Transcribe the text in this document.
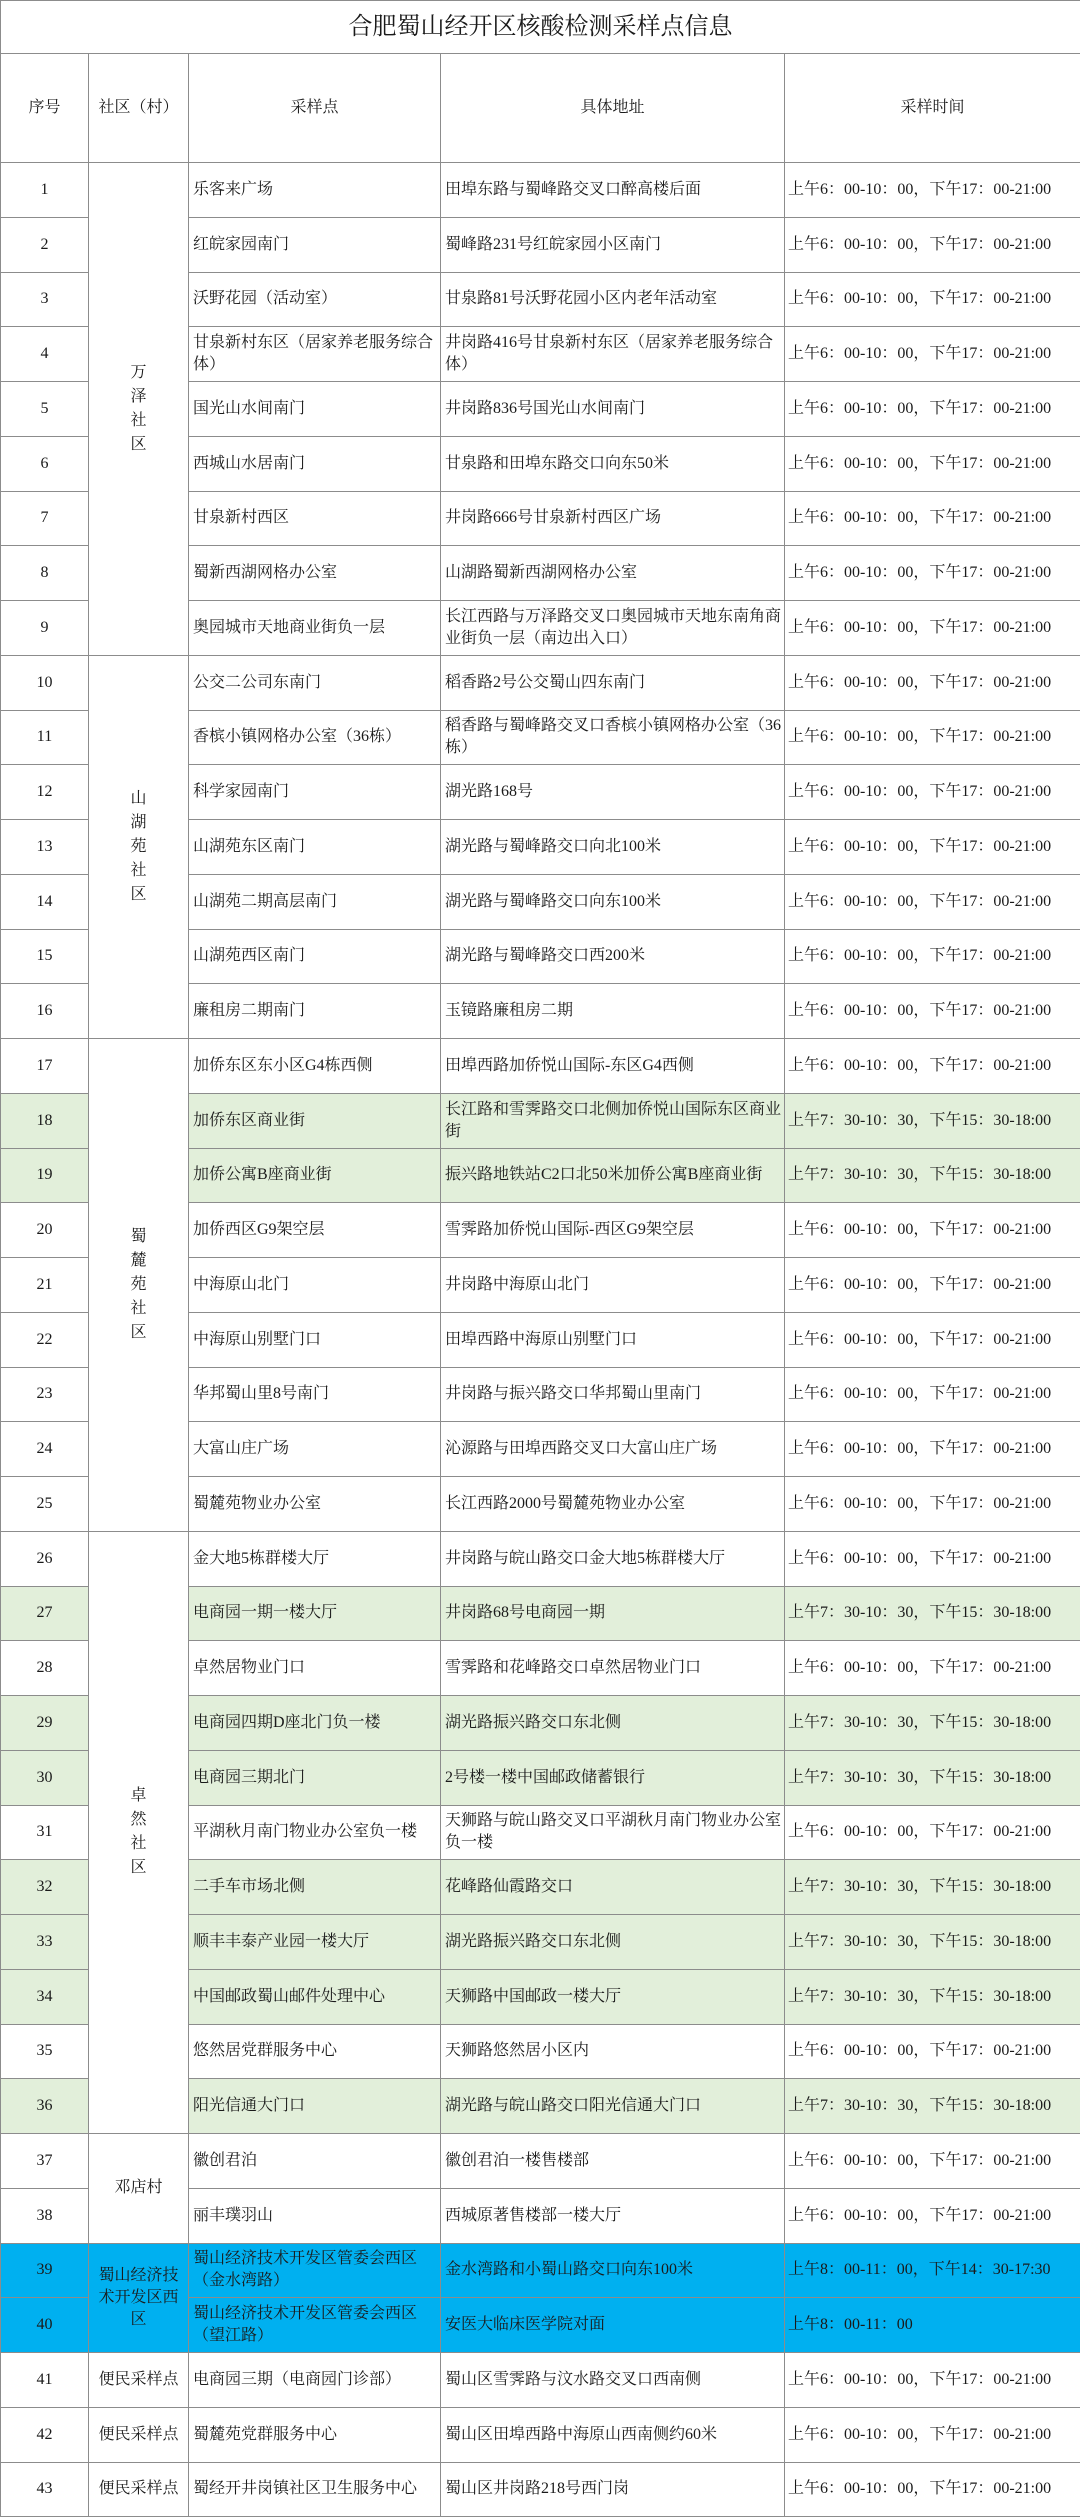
合肥蜀山经开区核酸检测采样点信息				
序号	社区（村）	采样点	具体地址	采样时间
1	万泽社区	乐客来广场	田埠东路与蜀峰路交叉口醉高楼后面	上午6：00-10：00，下午17：00-21:00
2		红皖家园南门	蜀峰路231号红皖家园小区南门	上午6：00-10：00，下午17：00-21:00
3		沃野花园（活动室）	甘泉路81号沃野花园小区内老年活动室	上午6：00-10：00，下午17：00-21:00
4		甘泉新村东区（居家养老服务综合体）	井岗路416号甘泉新村东区（居家养老服务综合体）	上午6：00-10：00，下午17：00-21:00
5		国光山水间南门	井岗路836号国光山水间南门	上午6：00-10：00，下午17：00-21:00
6		西城山水居南门	甘泉路和田埠东路交口向东50米	上午6：00-10：00，下午17：00-21:00
7		甘泉新村西区	井岗路666号甘泉新村西区广场	上午6：00-10：00，下午17：00-21:00
8		蜀新西湖网格办公室	山湖路蜀新西湖网格办公室	上午6：00-10：00，下午17：00-21:00
9		奥园城市天地商业街负一层	长江西路与万泽路交叉口奥园城市天地东南角商业街负一层（南边出入口）	上午6：00-10：00，下午17：00-21:00
10	山湖苑社区	公交二公司东南门	稻香路2号公交蜀山四东南门	上午6：00-10：00，下午17：00-21:00
11		香槟小镇网格办公室（36栋）	稻香路与蜀峰路交叉口香槟小镇网格办公室（36栋）	上午6：00-10：00，下午17：00-21:00
12		科学家园南门	湖光路168号	上午6：00-10：00，下午17：00-21:00
13		山湖苑东区南门	湖光路与蜀峰路交口向北100米	上午6：00-10：00，下午17：00-21:00
14		山湖苑二期高层南门	湖光路与蜀峰路交口向东100米	上午6：00-10：00，下午17：00-21:00
15		山湖苑西区南门	湖光路与蜀峰路交口西200米	上午6：00-10：00，下午17：00-21:00
16		廉租房二期南门	玉镜路廉租房二期	上午6：00-10：00，下午17：00-21:00
17	蜀麓苑社区	加侨东区东小区G4栋西侧	田埠西路加侨悦山国际-东区G4西侧	上午6：00-10：00，下午17：00-21:00
18		加侨东区商业街	长江路和雪霁路交口北侧加侨悦山国际东区商业街	上午7：30-10：30，下午15：30-18:00
19		加侨公寓B座商业街	振兴路地铁站C2口北50米加侨公寓B座商业街	上午7：30-10：30，下午15：30-18:00
20		加侨西区G9架空层	雪霁路加侨悦山国际-西区G9架空层	上午6：00-10：00，下午17：00-21:00
21		中海原山北门	井岗路中海原山北门	上午6：00-10：00，下午17：00-21:00
22		中海原山别墅门口	田埠西路中海原山别墅门口	上午6：00-10：00，下午17：00-21:00
23		华邦蜀山里8号南门	井岗路与振兴路交口华邦蜀山里南门	上午6：00-10：00，下午17：00-21:00
24		大富山庄广场	沁源路与田埠西路交叉口大富山庄广场	上午6：00-10：00，下午17：00-21:00
25		蜀麓苑物业办公室	长江西路2000号蜀麓苑物业办公室	上午6：00-10：00，下午17：00-21:00
26	卓然社区	金大地5栋群楼大厅	井岗路与皖山路交口金大地5栋群楼大厅	上午6：00-10：00，下午17：00-21:00
27		电商园一期一楼大厅	井岗路68号电商园一期	上午7：30-10：30，下午15：30-18:00
28		卓然居物业门口	雪霁路和花峰路交口卓然居物业门口	上午6：00-10：00，下午17：00-21:00
29		电商园四期D座北门负一楼	湖光路振兴路交口东北侧	上午7：30-10：30，下午15：30-18:00
30		电商园三期北门	2号楼一楼中国邮政储蓄银行	上午7：30-10：30，下午15：30-18:00
31		平湖秋月南门物业办公室负一楼	天狮路与皖山路交叉口平湖秋月南门物业办公室负一楼	上午6：00-10：00，下午17：00-21:00
32		二手车市场北侧	花峰路仙霞路交口	上午7：30-10：30，下午15：30-18:00
33		顺丰丰泰产业园一楼大厅	湖光路振兴路交口东北侧	上午7：30-10：30，下午15：30-18:00
34		中国邮政蜀山邮件处理中心	天狮路中国邮政一楼大厅	上午7：30-10：30，下午15：30-18:00
35		悠然居党群服务中心	天狮路悠然居小区内	上午6：00-10：00，下午17：00-21:00
36		阳光信通大门口	湖光路与皖山路交口阳光信通大门口	上午7：30-10：30，下午15：30-18:00
37	邓店村	徽创君泊	徽创君泊一楼售楼部	上午6：00-10：00，下午17：00-21:00
38		丽丰璞羽山	西城原著售楼部一楼大厅	上午6：00-10：00，下午17：00-21:00
39	蜀山经济技术开发区西区	蜀山经济技术开发区管委会西区（金水湾路）	金水湾路和小蜀山路交口向东100米	上午8：00-11：00，下午14：30-17:30
40		蜀山经济技术开发区管委会西区（望江路）	安医大临床医学院对面	上午8：00-11：00
41	便民采样点	电商园三期（电商园门诊部）	蜀山区雪霁路与汶水路交叉口西南侧	上午6：00-10：00，下午17：00-21:00
42	便民采样点	蜀麓苑党群服务中心	蜀山区田埠西路中海原山西南侧约60米	上午6：00-10：00，下午17：00-21:00
43	便民采样点	蜀经开井岗镇社区卫生服务中心	蜀山区井岗路218号西门岗	上午6：00-10：00，下午17：00-21:00
